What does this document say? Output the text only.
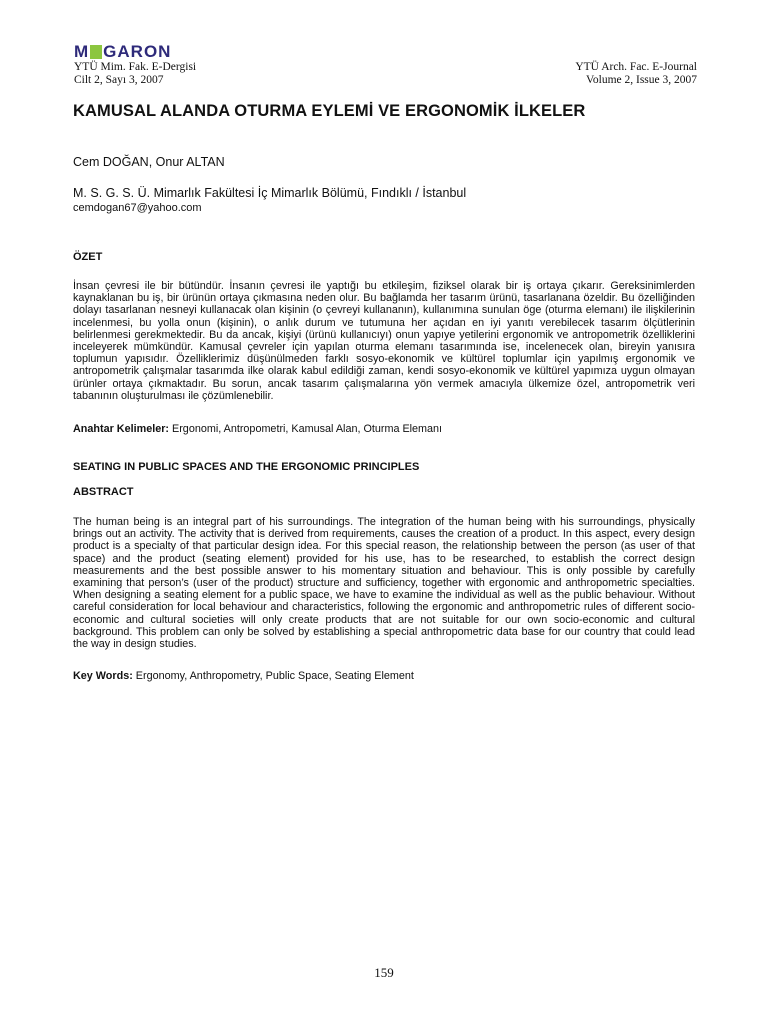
M GARON
YTÜ Mim. Fak. E-Dergisi
Cilt 2, Sayı 3, 2007
YTÜ Arch. Fac. E-Journal
Volume 2, Issue 3, 2007
KAMUSAL ALANDA OTURMA EYLEMİ VE ERGONOMİK İLKELER
Cem DOĞAN, Onur ALTAN
M. S. G. S. Ü. Mimarlık Fakültesi İç Mimarlık Bölümü, Fındıklı / İstanbul
cemdogan67@yahoo.com
ÖZET
İnsan çevresi ile bir bütündür. İnsanın çevresi ile yaptığı bu etkileşim, fiziksel olarak bir iş ortaya çıkarır. Gereksinimlerden kaynaklanan bu iş, bir ürünün ortaya çıkmasına neden olur. Bu bağlamda her tasarım ürünü, tasarlanana özeldir. Bu özelliğinden dolayı tasarlanan nesneyi kullanacak olan kişinin (o çevreyi kullananın), kullanımına sunulan öge (oturma elemanı) ile ilişkilerinin incelenmesi, bu yolla onun (kişinin), o anlık durum ve tutumuna her açıdan en iyi yanıtı verebilecek tasarım ölçütlerinin belirlenmesi gerekmektedir. Bu da ancak, kişiyi (ürünü kullanıcıyı) onun yapıye yetilerini ergonomik ve antropometrik özelliklerini inceleyerek mümkündür. Kamusal çevreler için yapılan oturma elemanı tasarımında ise, incelenecek olan, bireyin yanısıra toplumun yapısıdır. Özelliklerimiz düşünülmeden farklı sosyo-ekonomik ve kültürel toplumlar için yapılmış ergonomik ve antropometrik çalışmalar tasarımda ilke olarak kabul edildiği zaman, kendi sosyo-ekonomik ve kültürel yapımıza uygun olmayan ürünler ortaya çıkmaktadır. Bu sorun, ancak tasarım çalışmalarına yön vermek amacıyla ülkemize özel, antropometrik veri tabanının oluşturulması ile çözümlenebilir.
Anahtar Kelimeler: Ergonomi, Antropometri, Kamusal Alan, Oturma Elemanı
SEATING IN PUBLIC SPACES AND THE ERGONOMIC PRINCIPLES
ABSTRACT
The human being is an integral part of his surroundings. The integration of the human being with his surroundings, physically brings out an activity. The activity that is derived from requirements, causes the creation of a product. In this aspect, every design product is a specialty of that particular design idea. For this special reason, the relationship between the person (as user of that space) and the product (seating element) provided for his use, has to be researched, to establish the correct design measurements and the best possible answer to his momentary situation and behaviour. This is only possible by carefully examining that person’s (user of the product) structure and sufficiency, together with ergonomic and anthropometric specialties. When designing a seating element for a public space, we have to examine the individual as well as the public behaviour. Without careful consideration for local behaviour and characteristics, following the ergonomic and anthropometric rules of different socio-economic and cultural societies will only create products that are not suitable for our own socio-economic and cultural background. This problem can only be solved by establishing a special anthropometric data base for our country that could lead the way in design studies.
Key Words: Ergonomy, Anthropometry, Public Space, Seating Element
159
